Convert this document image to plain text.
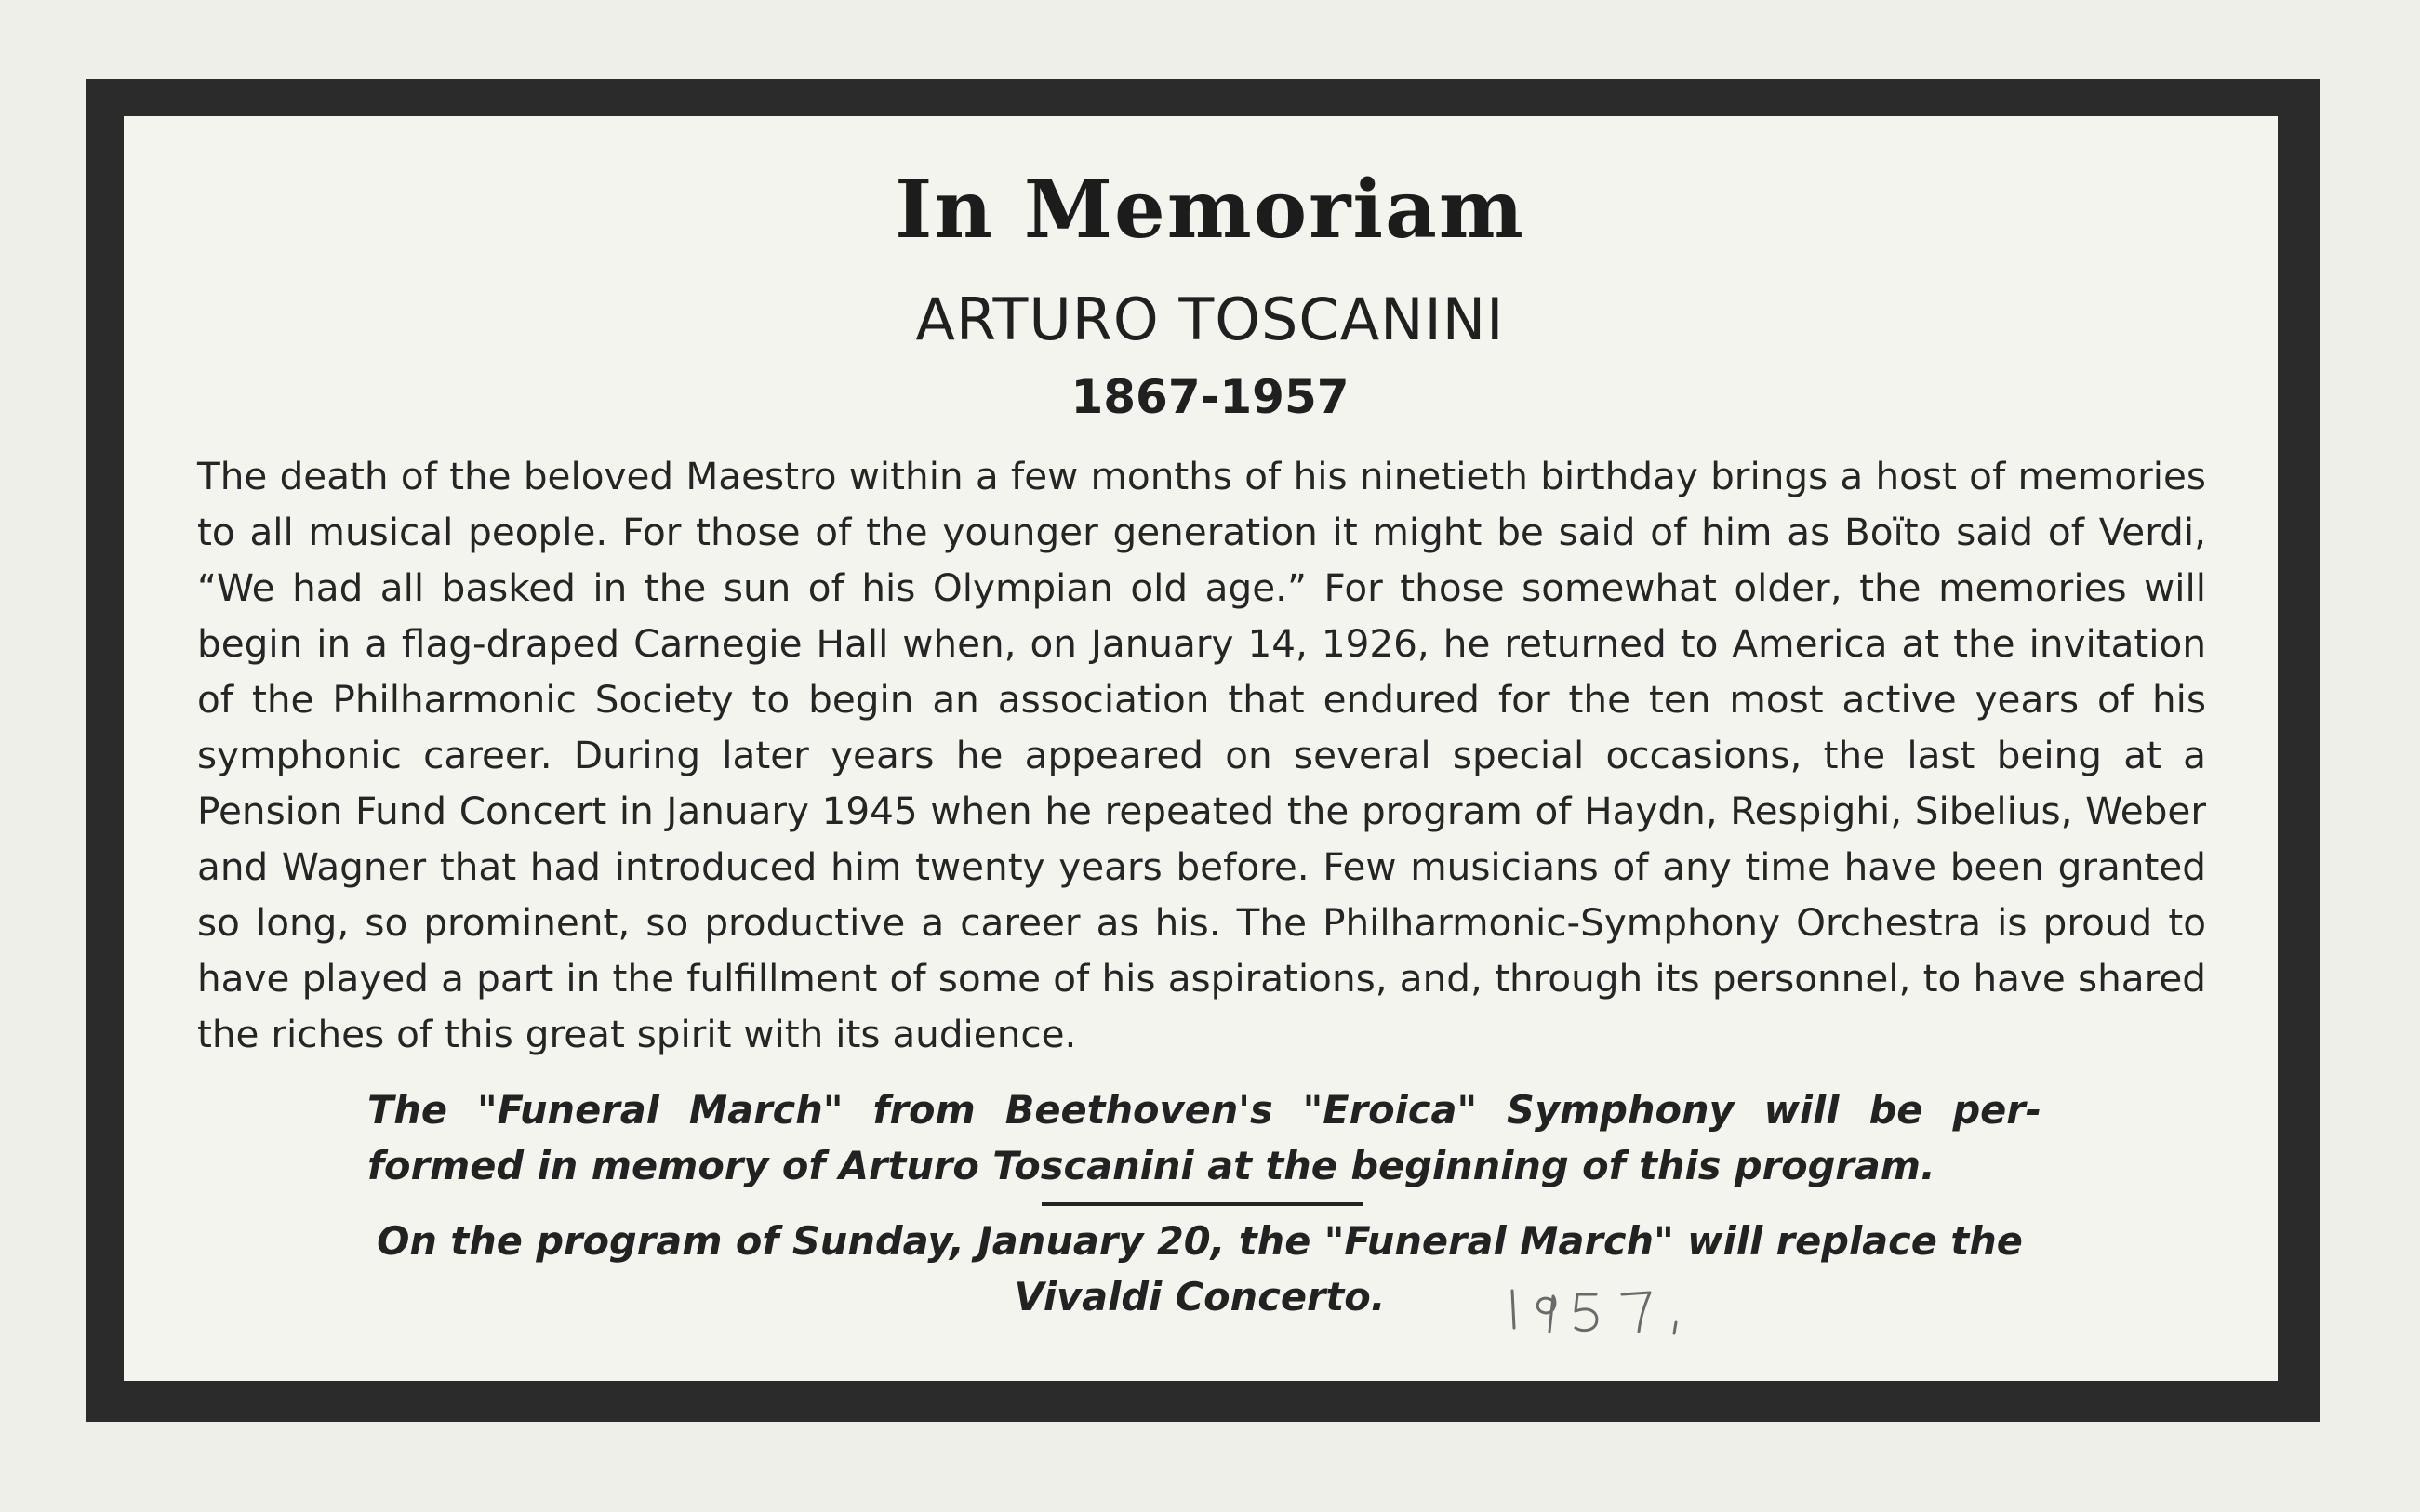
In Memoriam
ARTURO TOSCANINI
1867-1957

The death of the beloved Maestro within a few months of his ninetieth birthday brings a host of memories to all musical people. For those of the younger generation it might be said of him as Boïto said of Verdi, “We had all basked in the sun of his Olympian old age.” For those somewhat older, the memories will begin in a flag-draped Carnegie Hall when, on January 14, 1926, he returned to America at the invitation of the Philharmonic Society to begin an association that endured for the ten most active years of his symphonic career. During later years he appeared on several special occasions, the last being at a Pension Fund Concert in January 1945 when he repeated the program of Haydn, Respighi, Sibelius, Weber and Wagner that had introduced him twenty years before. Few musicians of any time have been granted so long, so prominent, so productive a career as his. The Philharmonic-Symphony Orchestra is proud to have played a part in the fulfillment of some of his aspirations, and, through its personnel, to have shared the riches of this great spirit with its audience.

The "Funeral March" from Beethoven's "Eroica" Symphony will be per-formed in memory of Arturo Toscanini at the beginning of this program.

On the program of Sunday, January 20, the "Funeral March" will replace the Vivaldi Concerto.
